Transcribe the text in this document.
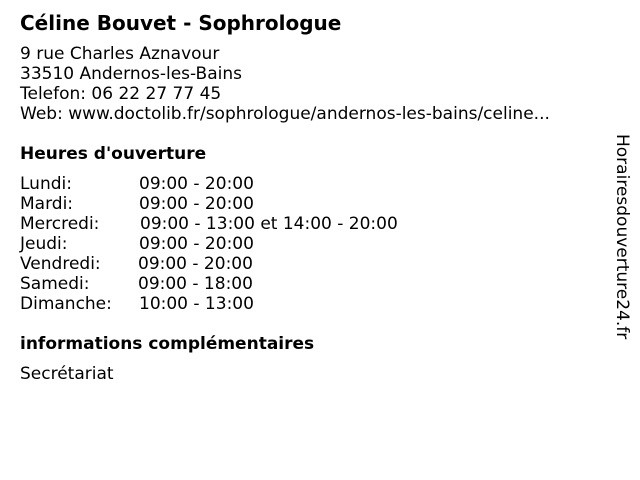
Céline Bouvet - Sophrologue
9 rue Charles Aznavour
33510 Andernos-les-Bains
Telefon: 06 22 27 77 45
Web: www.doctolib.fr/sophrologue/andernos-les-bains/celine...
Heures d'ouverture
Lundi:	09:00 - 20:00
Mardi:	09:00 - 20:00
Mercredi: 09:00 - 13:00 et 14:00 - 20:00
Jeudi:	09:00 - 20:00
Vendredi: 09:00 - 20:00
Samedi:	09:00 - 18:00
Dimanche: 10:00 - 13:00
informations complémentaires
Secrétariat
Horairesdouverture24.fr
